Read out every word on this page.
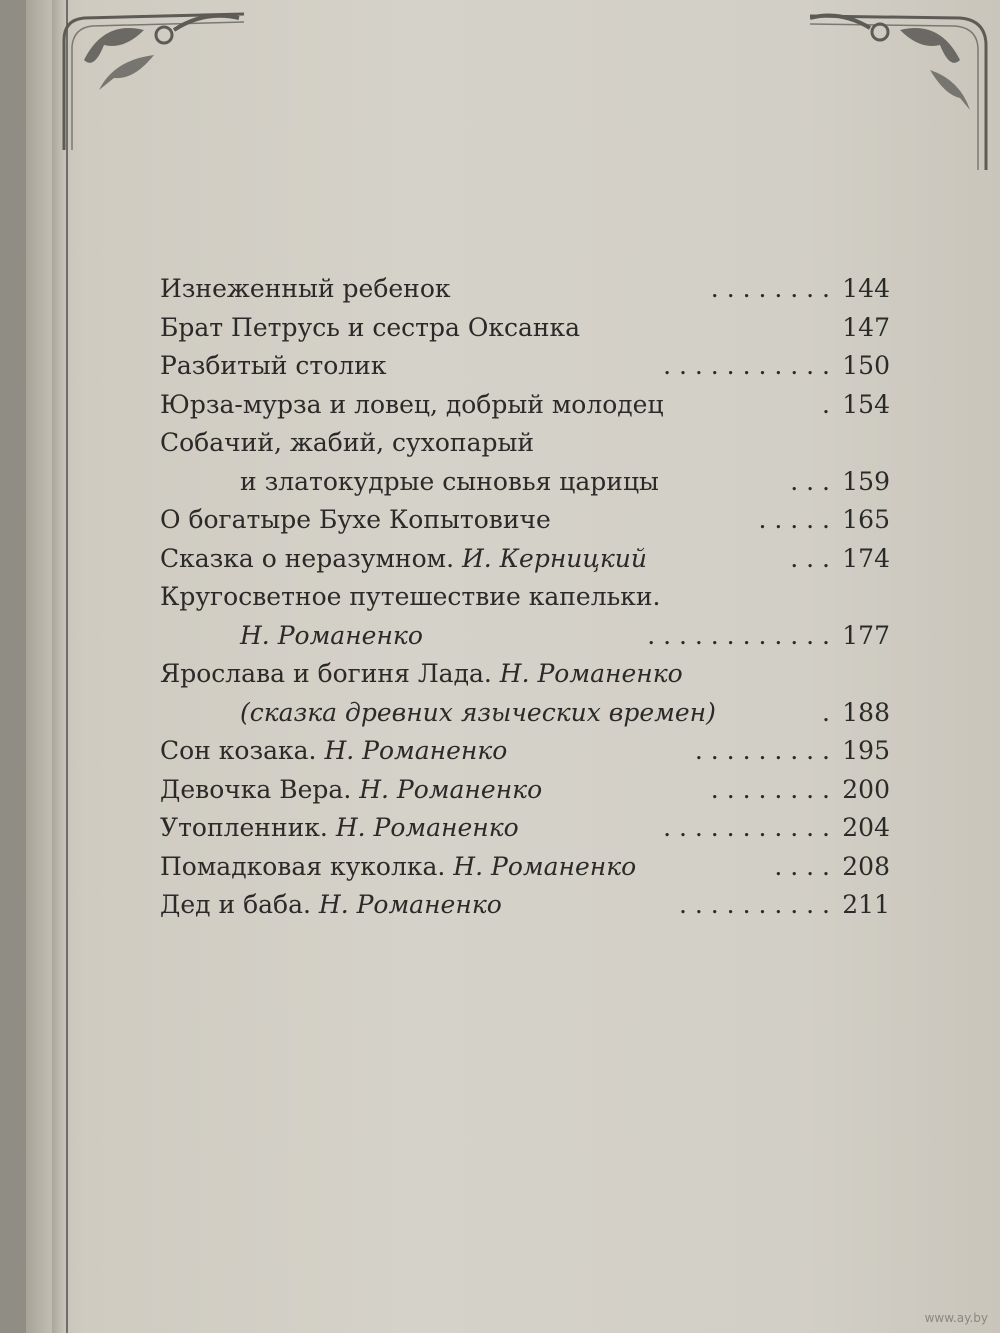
Изнеженный ребенок	. . . . . . . . 144
Брат Петрусь и сестра Оксанка	147
Разбитый столик	. . . . . . . . . . . 150
Юрза-мурза и ловец, добрый молодец	. 154
Собачий, жабий, сухопарый
и златокудрые сыновья царицы	. . . 159
О богатыре Бухе Копытовиче	. . . . . 165
Сказка о неразумном. И. Керницкий	. . . 174
Кругосветное путешествие капельки.
Н. Романенко	. . . . . . . . . . . . 177
Ярослава и богиня Лада. Н. Романенко
(сказка древних языческих времен)	. 188
Сон козака. Н. Романенко	. . . . . . . . . 195
Девочка Вера. Н. Романенко	. . . . . . . . 200
Утопленник. Н. Романенко	. . . . . . . . . . . 204
Помадковая куколка. Н. Романенко	. . . . 208
Дед и баба. Н. Романенко	. . . . . . . . . . 211
www.ay.by
